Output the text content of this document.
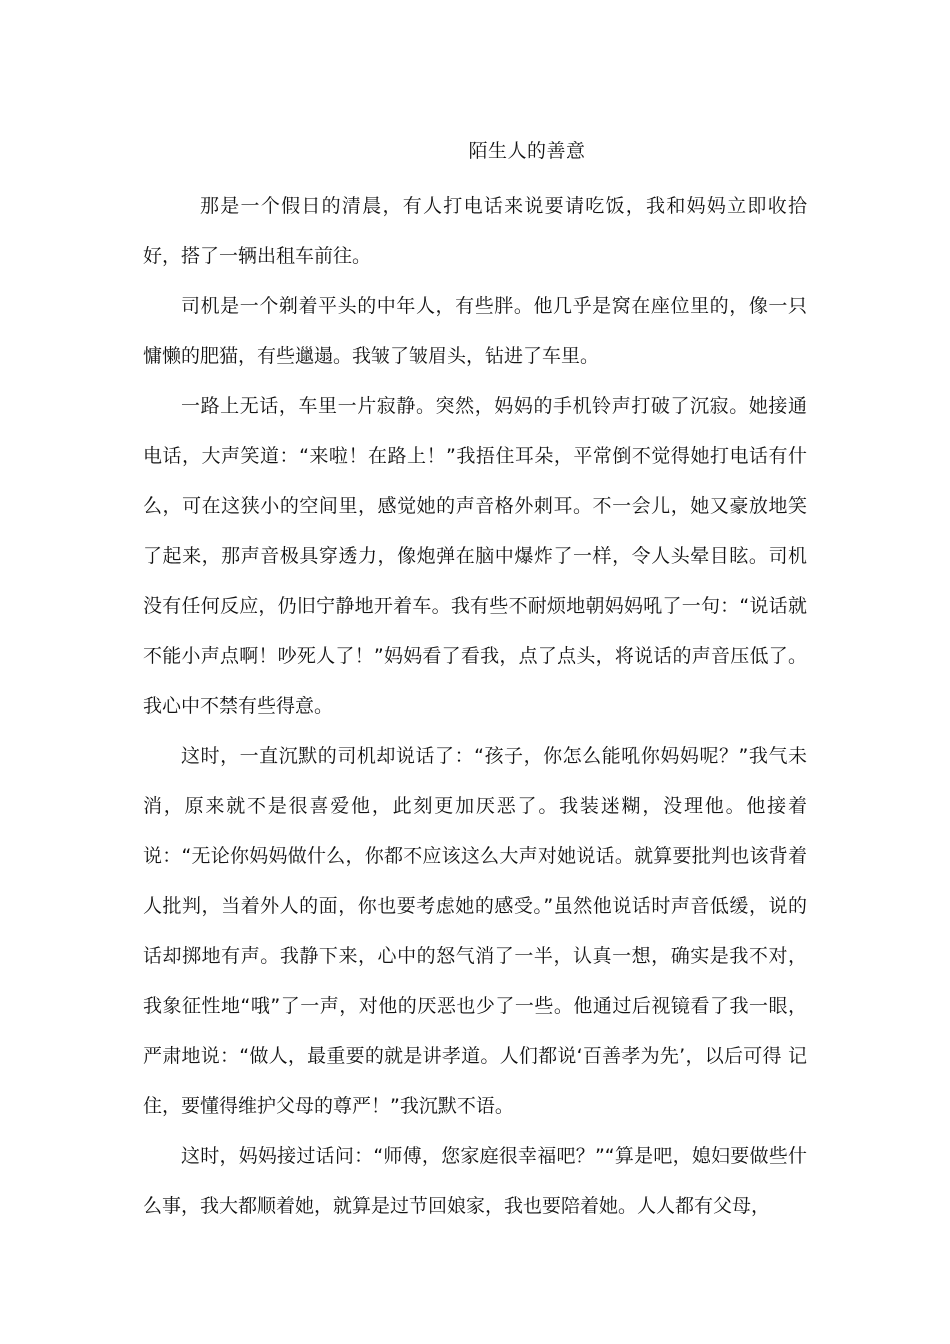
陌生人的善意

那是一个假日的清晨，有人打电话来说要请吃饭，我和妈妈立即收拾好，搭了一辆出租车前往。

司机是一个剃着平头的中年人，有些胖。他几乎是窝在座位里的，像一只慵懒的肥猫，有些邋遢。我皱了皱眉头，钻进了车里。

一路上无话，车里一片寂静。突然，妈妈的手机铃声打破了沉寂。她接通电话，大声笑道：“来啦！在路上！”我捂住耳朵，平常倒不觉得她打电话有什么，可在这狭小的空间里，感觉她的声音格外刺耳。不一会儿，她又豪放地笑了起来，那声音极具穿透力，像炮弹在脑中爆炸了一样，令人头晕目眩。司机没有任何反应，仍旧宁静地开着车。我有些不耐烦地朝妈妈吼了一句：“说话就不能小声点啊！吵死人了！”妈妈看了看我，点了点头，将说话的声音压低了。我心中不禁有些得意。

这时，一直沉默的司机却说话了：“孩子，你怎么能吼你妈妈呢？”我气未消，原来就不是很喜爱他，此刻更加厌恶了。我装迷糊，没理他。他接着说：“无论你妈妈做什么，你都不应该这么大声对她说话。就算要批判也该背着人批判，当着外人的面，你也要考虑她的感受。”虽然他说话时声音低缓，说的话却掷地有声。我静下来，心中的怒气消了一半，认真一想，确实是我不对，我象征性地“哦”了一声，对他的厌恶也少了一些。他通过后视镜看了我一眼，严肃地说：“做人，最重要的就是讲孝道。人们都说‘百善孝为先’，以后可得 记住，要懂得维护父母的尊严！”我沉默不语。

这时，妈妈接过话问：“师傅，您家庭很幸福吧？”“算是吧，媳妇要做些什么事，我大都顺着她，就算是过节回娘家，我也要陪着她。人人都有父母，
